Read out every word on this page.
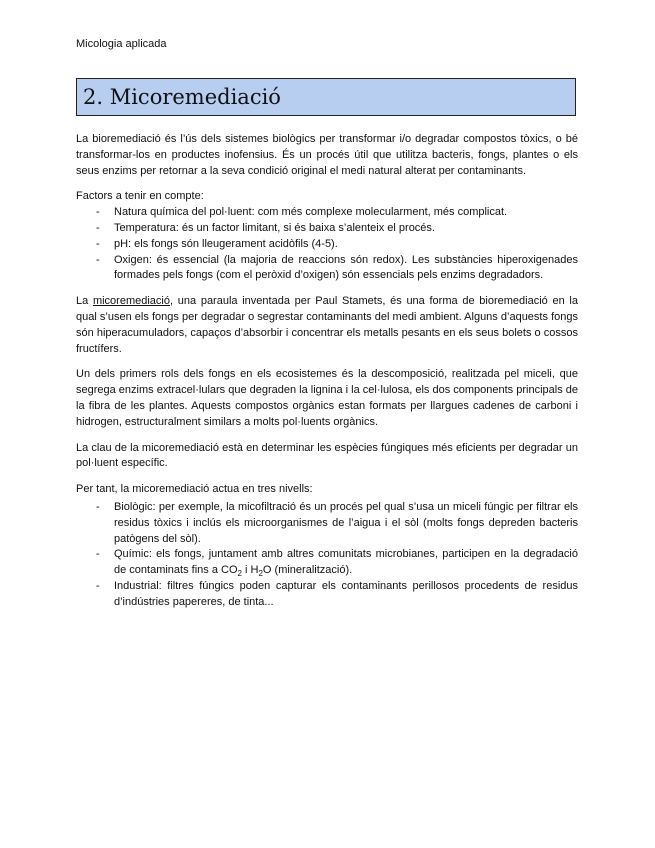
Micologia aplicada
2. Micoremediació

La bioremediació és l’ús dels sistemes biològics per transformar i/o degradar compostos tòxics, o bé transformar-los en productes inofensius. És un procés útil que utilitza bacteris, fongs, plantes o els seus enzims per retornar a la seva condició original el medi natural alterat per contaminants.

Factors a tenir en compte:

- Natura química del pol·luent: com més complexe molecularment, més complicat.
- Temperatura: és un factor limitant, si és baixa s’alenteix el procés.
- pH: els fongs són lleugerament acidòfils (4-5).
- Oxigen: és essencial (la majoria de reaccions són redox). Les substàncies hiperoxigenades formades pels fongs (com el peròxid d’oxigen) són essencials pels enzims degradadors.

La micoremediació, una paraula inventada per Paul Stamets, és una forma de bioremediació en la qual s’usen els fongs per degradar o segrestar contaminants del medi ambient. Alguns d’aquests fongs són hiperacumuladors, capaços d’absorbir i concentrar els metalls pesants en els seus bolets o cossos fructífers.

Un dels primers rols dels fongs en els ecosistemes és la descomposició, realitzada pel miceli, que segrega enzims extracel·lulars que degraden la lignina i la cel·lulosa, els dos components principals de la fibra de les plantes. Aquests compostos orgànics estan formats per llargues cadenes de carboni i hidrogen, estructuralment similars a molts pol·luents orgànics.

La clau de la micoremediació està en determinar les espècies fúngiques més eficients per degradar un pol·luent específic.

Per tant, la micoremediació actua en tres nivells:

- Biològic: per exemple, la micofiltració és un procés pel qual s’usa un miceli fúngic per filtrar els residus tòxics i inclús els microorganismes de l’aigua i el sòl (molts fongs depreden bacteris patògens del sòl).
- Químic: els fongs, juntament amb altres comunitats microbianes, participen en la degradació de contaminats fins a $CO_2$ i $H_2O$ (mineralització).
- Industrial: filtres fúngics poden capturar els contaminants perillosos procedents de residus d’indústries papereres, de tinta...
